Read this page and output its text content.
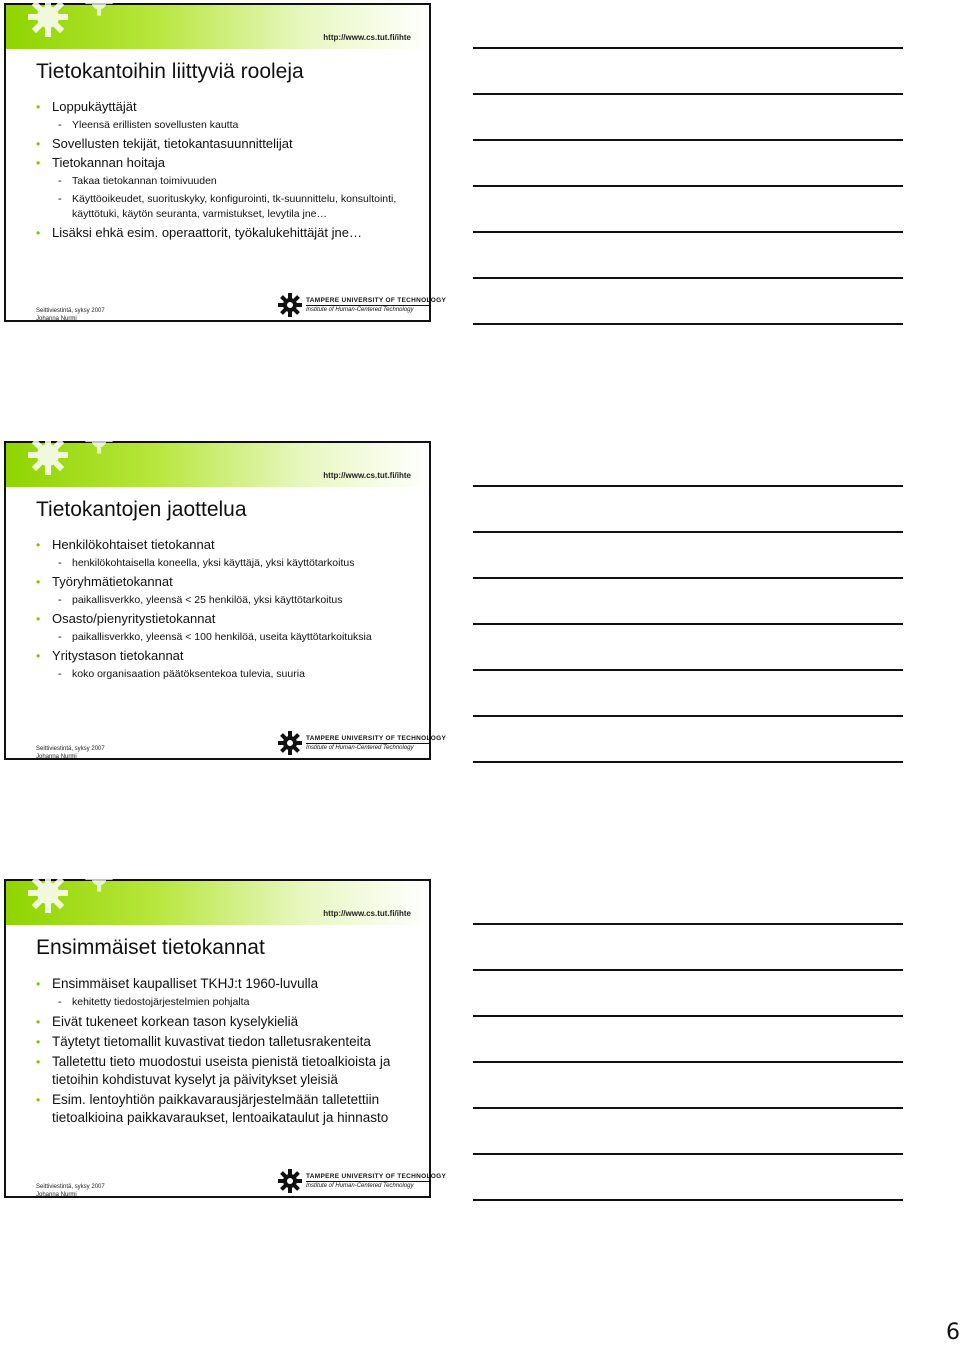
http://www.cs.tut.fi/ihte
Tietokantoihin liittyviä rooleja
• Loppukäyttäjät
- Yleensä erillisten sovellusten kautta
• Sovellusten tekijät, tietokantasuunnittelijat
• Tietokannan hoitaja
- Takaa tietokannan toimivuuden
- Käyttöoikeudet, suorituskyky, konfigurointi, tk-suunnittelu, konsultointi, käyttötuki, käytön seuranta, varmistukset, levytila jne…
• Lisäksi ehkä esim. operaattorit, työkalukehittäjät jne…
Seittiviestintä, syksy 2007
Johanna Nurmi
TAMPERE UNIVERSITY OF TECHNOLOGY
Institute of Human-Centered Technology
http://www.cs.tut.fi/ihte
Tietokantojen jaottelua
• Henkilökohtaiset tietokannat
- henkilökohtaisella koneella, yksi käyttäjä, yksi käyttötarkoitus
• Työryhmätietokannat
- paikallisverkko, yleensä < 25 henkilöä, yksi käyttötarkoitus
• Osasto/pienyritystietokannat
- paikallisverkko, yleensä < 100 henkilöä, useita käyttötarkoituksia
• Yritystason tietokannat
- koko organisaation päätöksentekoa tulevia, suuria
Seittiviestintä, syksy 2007
Johanna Nurmi
TAMPERE UNIVERSITY OF TECHNOLOGY
Institute of Human-Centered Technology
http://www.cs.tut.fi/ihte
Ensimmäiset tietokannat
• Ensimmäiset kaupalliset TKHJ:t 1960-luvulla
- kehitetty tiedostojärjestelmien pohjalta
• Eivät tukeneet korkean tason kyselykieliä
• Täytetyt tietomallit kuvastivat tiedon talletusrakenteita
• Talletettu tieto muodostui useista pienistä tietoalkioista ja tietoihin kohdistuvat kyselyt ja päivitykset yleisiä
• Esim. lentoyhtiön paikkavarausjärjestelmään talletettiin tietoalkioina paikkavaraukset, lentoaikataulut ja hinnasto
Seittiviestintä, syksy 2007
Johanna Nurmi
TAMPERE UNIVERSITY OF TECHNOLOGY
Institute of Human-Centered Technology
6
